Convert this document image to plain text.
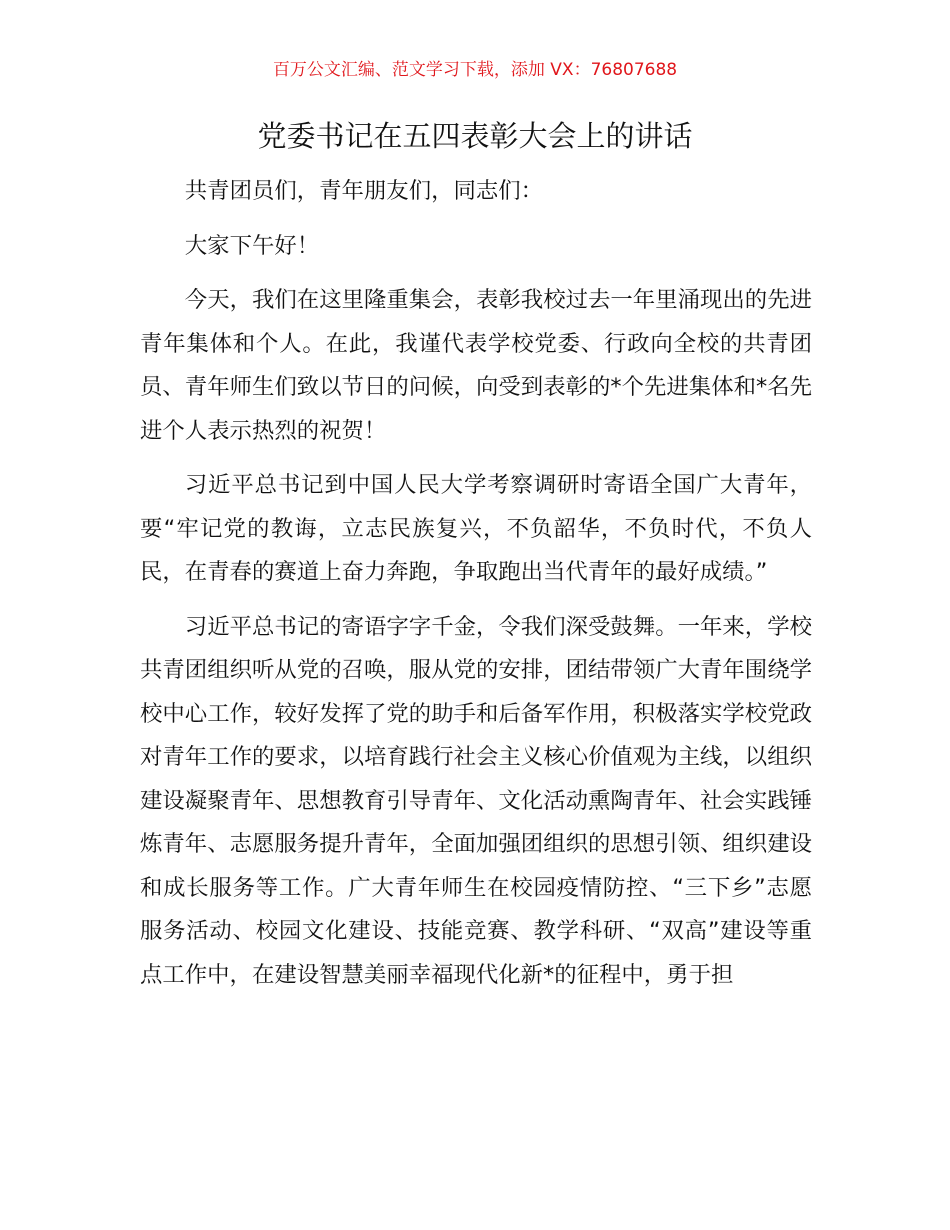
百万公文汇编、范文学习下载，添加 VX：76807688
党委书记在五四表彰大会上的讲话

共青团员们，青年朋友们，同志们：

大家下午好！

今天，我们在这里隆重集会，表彰我校过去一年里涌现出的先进青年集体和个人。在此，我谨代表学校党委、行政向全校的共青团员、青年师生们致以节日的问候，向受到表彰的*个先进集体和*名先进个人表示热烈的祝贺！

习近平总书记到中国人民大学考察调研时寄语全国广大青年，要“牢记党的教诲，立志民族复兴，不负韶华，不负时代，不负人民，在青春的赛道上奋力奔跑，争取跑出当代青年的最好成绩。”

习近平总书记的寄语字字千金，令我们深受鼓舞。一年来，学校共青团组织听从党的召唤，服从党的安排，团结带领广大青年围绕学校中心工作，较好发挥了党的助手和后备军作用，积极落实学校党政对青年工作的要求，以培育践行社会主义核心价值观为主线，以组织建设凝聚青年、思想教育引导青年、文化活动熏陶青年、社会实践锤炼青年、志愿服务提升青年，全面加强团组织的思想引领、组织建设和成长服务等工作。广大青年师生在校园疫情防控、“三下乡”志愿服务活动、校园文化建设、技能竞赛、教学科研、“双高”建设等重点工作中，在建设智慧美丽幸福现代化新*的征程中，勇于担
